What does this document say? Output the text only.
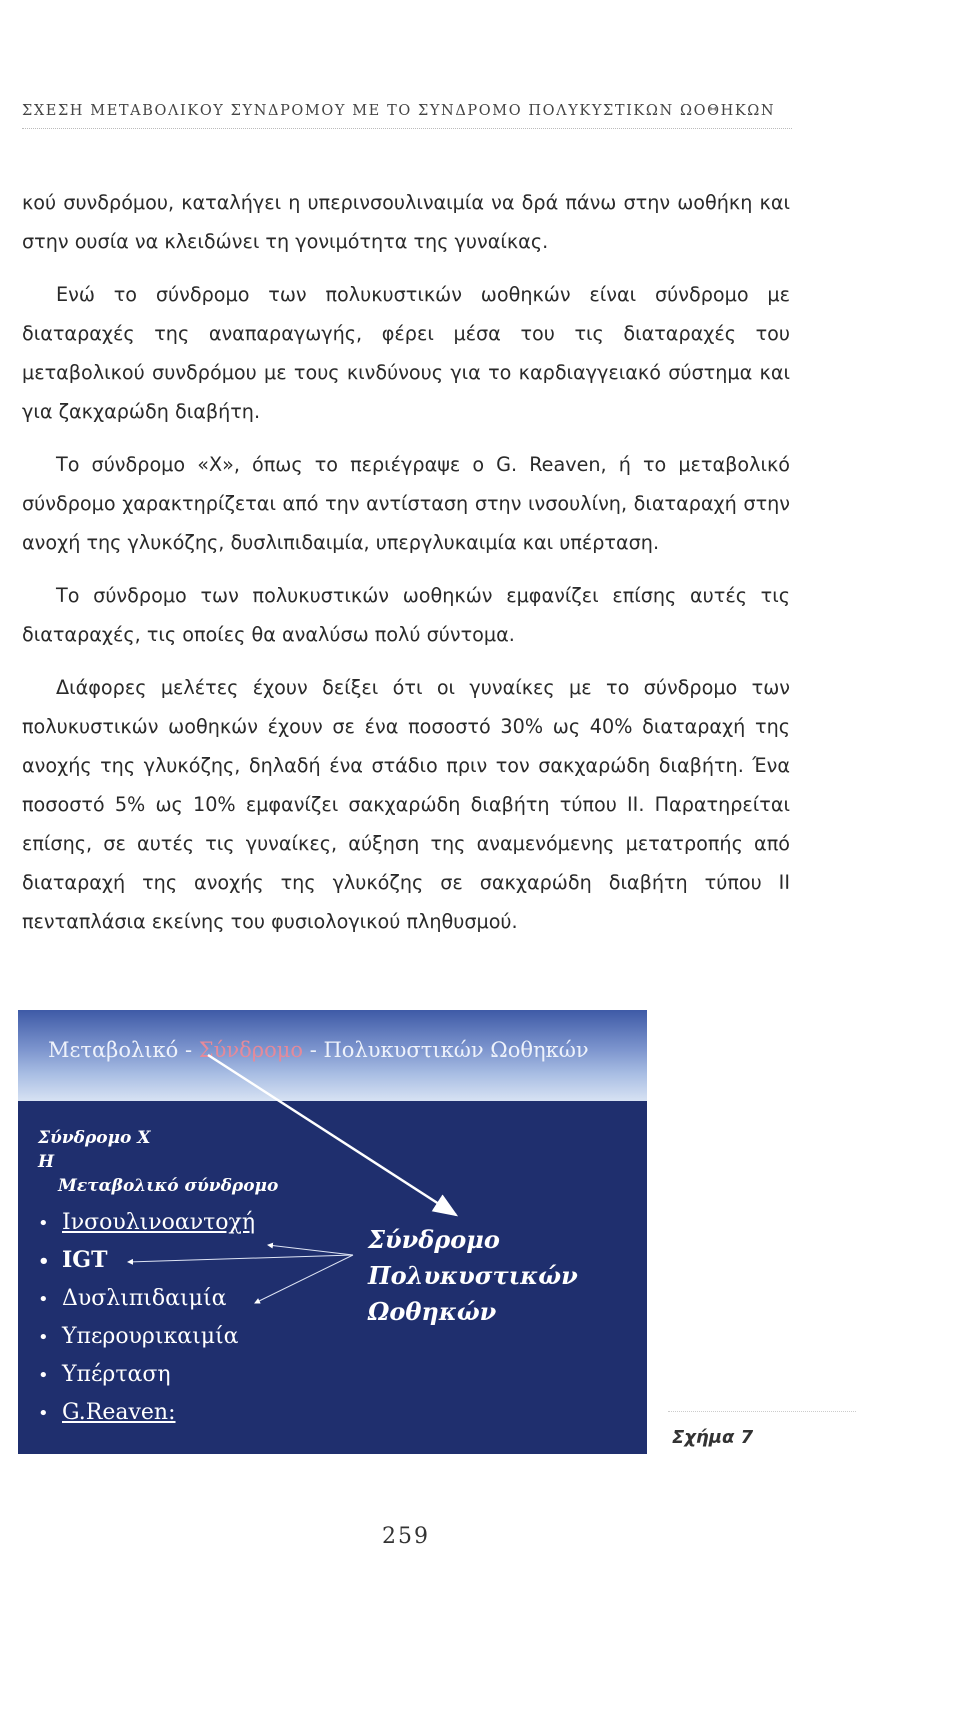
ΣΧΕΣΗ ΜΕΤΑΒΟΛΙΚΟΥ ΣΥΝΔΡΟΜΟΥ ΜΕ ΤΟ ΣΥΝΔΡΟΜΟ ΠΟΛΥΚΥΣΤΙΚΩΝ ΩΟΘΗΚΩΝ

κού συνδρόμου, καταλήγει η υπερινσουλιναιμία να δρά πάνω στην ωοθήκη και στην ουσία να κλειδώνει τη γονιμότητα της γυναίκας.

Ενώ το σύνδρομο των πολυκυστικών ωοθηκών είναι σύνδρομο με διαταραχές της αναπαραγωγής, φέρει μέσα του τις διαταραχές του μεταβολικού συνδρόμου με τους κινδύνους για το καρδιαγγειακό σύστημα και για ζακχαρώδη διαβήτη.

Το σύνδρομο «Χ», όπως το περιέγραψε ο G. Reaven, ή το μεταβολικό σύνδρομο χαρακτηρίζεται από την αντίσταση στην ινσουλίνη, διαταραχή στην ανοχή της γλυκόζης, δυσλιπιδαιμία, υπεργλυκαιμία και υπέρταση.

Το σύνδρομο των πολυκυστικών ωοθηκών εμφανίζει επίσης αυτές τις διαταραχές, τις οποίες θα αναλύσω πολύ σύντομα.

Διάφορες μελέτες έχουν δείξει ότι οι γυναίκες με το σύνδρομο των πολυκυστικών ωοθηκών έχουν σε ένα ποσοστό 30% ως 40% διαταραχή της ανοχής της γλυκόζης, δηλαδή ένα στάδιο πριν τον σακχαρώδη διαβήτη. Ένα ποσοστό 5% ως 10% εμφανίζει σακχαρώδη διαβήτη τύπου ΙΙ. Παρατηρείται επίσης, σε αυτές τις γυναίκες, αύξηση της αναμενόμενης μετατροπής από διαταραχή της ανοχής της γλυκόζης σε σακχαρώδη διαβήτη τύπου ΙΙ πενταπλάσια εκείνης του φυσιολογικού πληθυσμού.

Μεταβολικό - Σύνδρομο - Πολυκυστικών Ωοθηκών
Σύνδρομο Χ
Η
Μεταβολικό σύνδρομο
• Ινσουλινοαντοχή
• IGT
• Δυσλιπιδαιμία
• Υπερουρικαιμία
• Υπέρταση
• G.Reaven:
Σύνδρομο
Πολυκυστικών
Ωοθηκών
Σχήμα 7
259
